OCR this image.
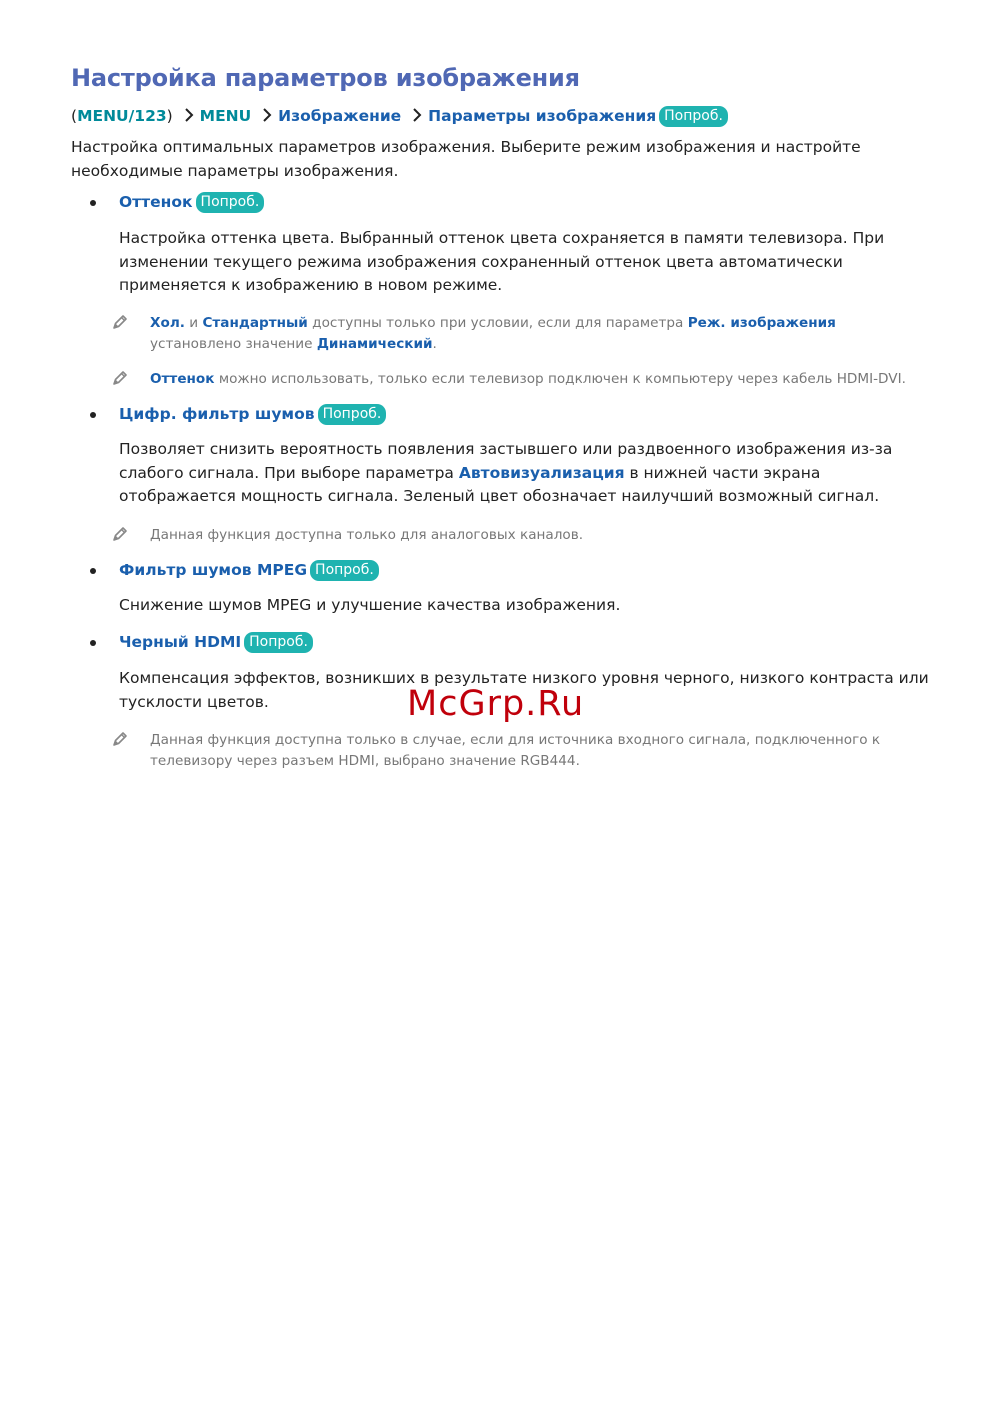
Настройка параметров изображения
(MENU/123) MENU Изображение Параметры изображения Попроб.

Настройка оптимальных параметров изображения. Выберите режим изображения и настройте необходимые параметры изображения.

Оттенок Попроб.

Настройка оттенка цвета. Выбранный оттенок цвета сохраняется в памяти телевизора. При изменении текущего режима изображения сохраненный оттенок цвета автоматически применяется к изображению в новом режиме.

Хол. и Стандартный доступны только при условии, если для параметра Реж. изображения установлено значение Динамический.
Оттенок можно использовать, только если телевизор подключен к компьютеру через кабель HDMI-DVI.
Цифр. фильтр шумов Попроб.

Позволяет снизить вероятность появления застывшего или раздвоенного изображения из-за слабого сигнала. При выборе параметра Автовизуализация в нижней части экрана отображается мощность сигнала. Зеленый цвет обозначает наилучший возможный сигнал.

Данная функция доступна только для аналоговых каналов.
Фильтр шумов MPEG Попроб.

Снижение шумов MPEG и улучшение качества изображения.

Черный HDMI Попроб.

Компенсация эффектов, возникших в результате низкого уровня черного, низкого контраста или тусклости цветов.

Данная функция доступна только в случае, если для источника входного сигнала, подключенного к телевизору через разъем HDMI, выбрано значение RGB444.
McGrp.Ru
